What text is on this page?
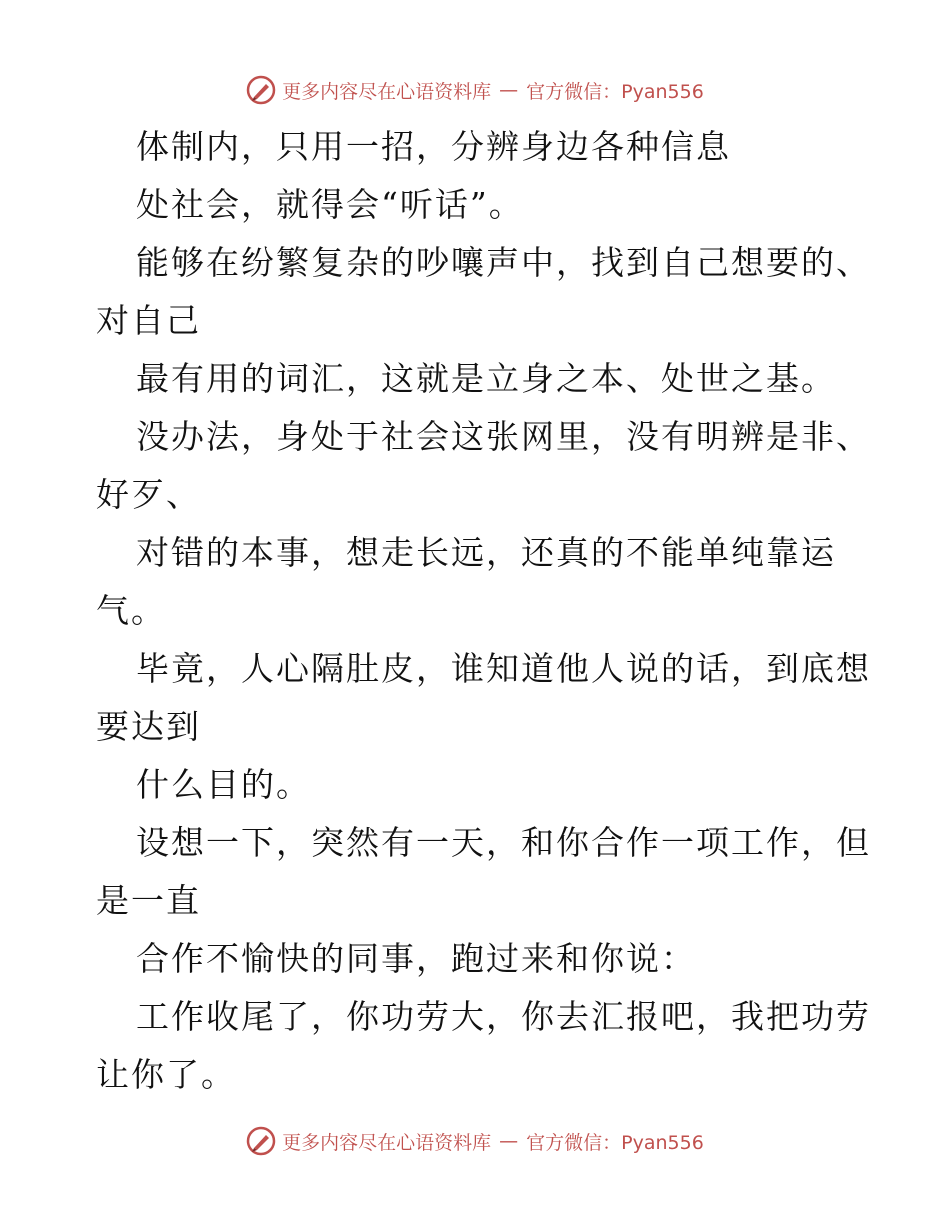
更多内容尽在心语资料库 — 官方微信：Pyan556
体制内，只用一招，分辨身边各种信息
处社会，就得会“听话”。
能够在纷繁复杂的吵嚷声中，找到自己想要的、
对自己
最有用的词汇，这就是立身之本、处世之基。
没办法，身处于社会这张网里，没有明辨是非、
好歹、
对错的本事，想走长远，还真的不能单纯靠运
气。
毕竟，人心隔肚皮，谁知道他人说的话，到底想
要达到
什么目的。
设想一下，突然有一天，和你合作一项工作，但
是一直
合作不愉快的同事，跑过来和你说：
工作收尾了，你功劳大，你去汇报吧，我把功劳
让你了。
更多内容尽在心语资料库 — 官方微信：Pyan556
